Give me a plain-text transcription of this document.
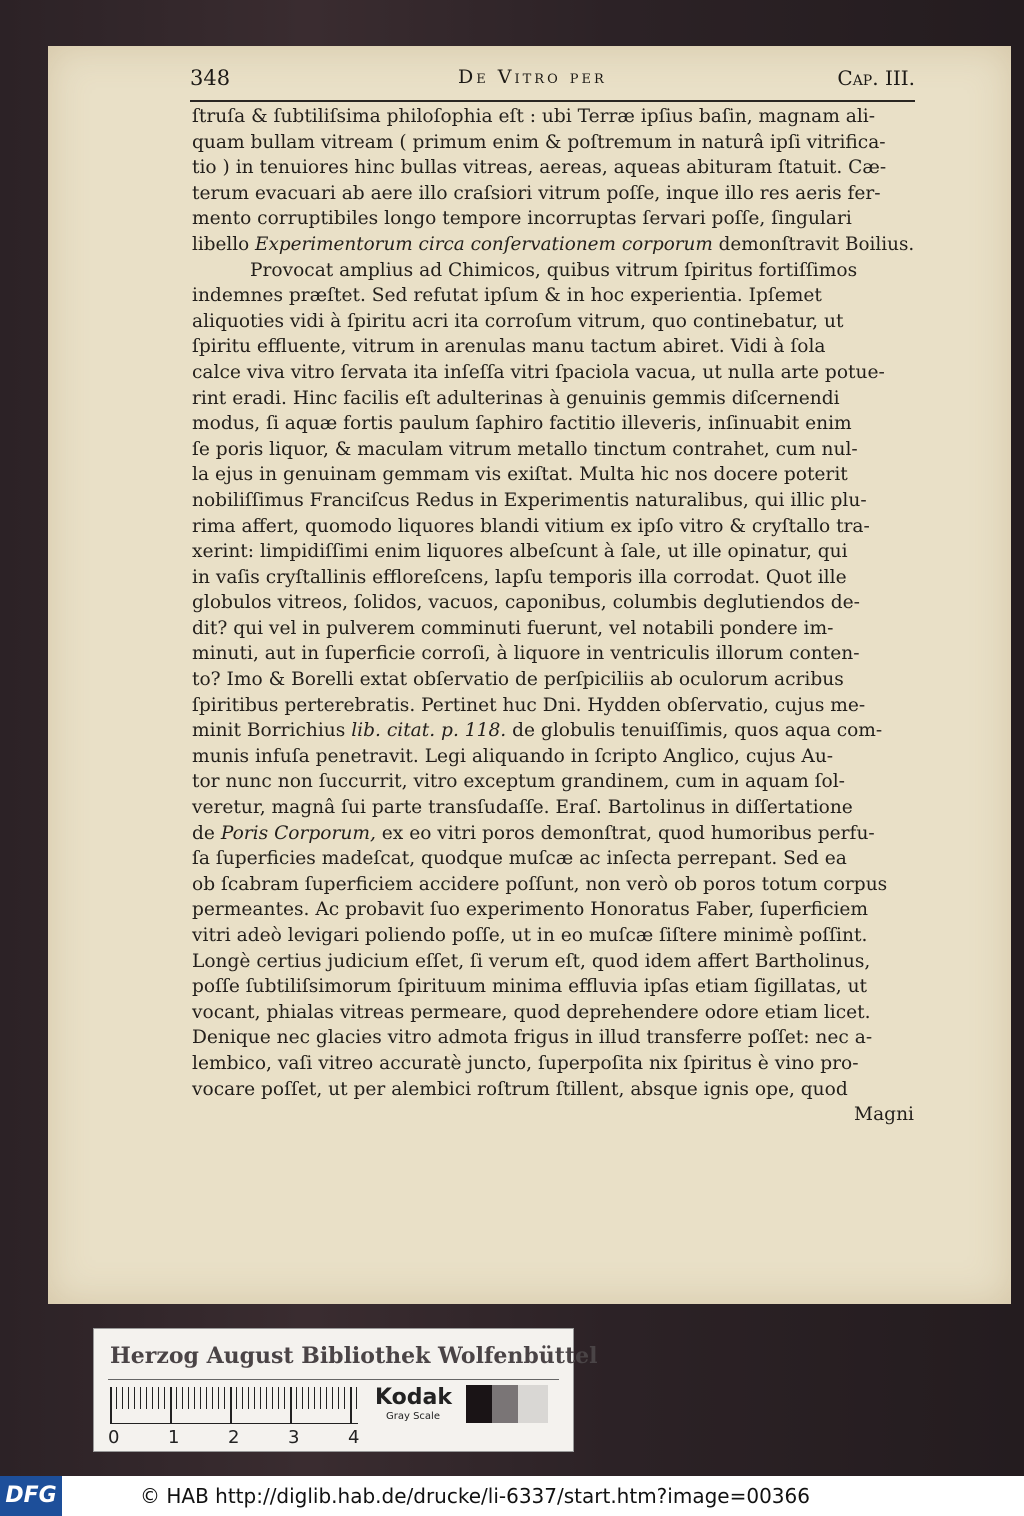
348	De Vitro per	Cap. III.
ſtruſa & ſubtiliſsima philoſophia eſt : ubi Terræ ipſius baſin, magnam ali-
quam bullam vitream ( primum enim & poſtremum in naturâ ipſi vitrifica-
tio ) in tenuiores hinc bullas vitreas, aereas, aqueas abituram ſtatuit. Cæ-
terum evacuari ab aere illo craſsiori vitrum poſſe, inque illo res aeris fer-
mento corruptibiles longo tempore incorruptas ſervari poſſe, ſingulari
libello Experimentorum circa conſervationem corporum demonſtravit Boilius.
Provocat amplius ad Chimicos, quibus vitrum ſpiritus fortiſſimos
indemnes præſtet. Sed refutat ipſum & in hoc experientia. Ipſemet
aliquoties vidi à ſpiritu acri ita corroſum vitrum, quo continebatur, ut
ſpiritu effluente, vitrum in arenulas manu tactum abiret. Vidi à ſola
calce viva vitro ſervata ita inſeſſa vitri ſpaciola vacua, ut nulla arte potue-
rint eradi. Hinc facilis eſt adulterinas à genuinis gemmis diſcernendi
modus, ſi aquæ fortis paulum ſaphiro factitio illeveris, inſinuabit enim
ſe poris liquor, & maculam vitrum metallo tinctum contrahet, cum nul-
la ejus in genuinam gemmam vis exiſtat. Multa hic nos docere poterit
nobiliſſimus Franciſcus Redus in Experimentis naturalibus, qui illic plu-
rima affert, quomodo liquores blandi vitium ex ipſo vitro & cryſtallo tra-
xerint: limpidiſſimi enim liquores albeſcunt à ſale, ut ille opinatur, qui
in vaſis cryſtallinis effloreſcens, lapſu temporis illa corrodat. Quot ille
globulos vitreos, ſolidos, vacuos, caponibus, columbis deglutiendos de-
dit? qui vel in pulverem comminuti fuerunt, vel notabili pondere im-
minuti, aut in ſuperficie corroſi, à liquore in ventriculis illorum conten-
to? Imo & Borelli extat obſervatio de perſpiciliis ab oculorum acribus
ſpiritibus perterebratis. Pertinet huc Dni. Hydden obſervatio, cujus me-
minit Borrichius lib. citat. p. 118. de globulis tenuiſſimis, quos aqua com-
munis infuſa penetravit. Legi aliquando in ſcripto Anglico, cujus Au-
tor nunc non ſuccurrit, vitro exceptum grandinem, cum in aquam ſol-
veretur, magnâ ſui parte transſudaſſe. Eraſ. Bartolinus in diſſertatione
de Poris Corporum, ex eo vitri poros demonſtrat, quod humoribus perfu-
ſa ſuperficies madeſcat, quodque muſcæ ac inſecta perrepant. Sed ea
ob ſcabram ſuperficiem accidere poſſunt, non verò ob poros totum corpus
permeantes. Ac probavit ſuo experimento Honoratus Faber, ſuperficiem
vitri adeò levigari poliendo poſſe, ut in eo muſcæ ſiſtere minimè poſſint.
Longè certius judicium eſſet, ſi verum eſt, quod idem affert Bartholinus,
poſſe ſubtiliſsimorum ſpirituum minima effluvia ipſas etiam ſigillatas, ut
vocant, phialas vitreas permeare, quod deprehendere odore etiam licet.
Denique nec glacies vitro admota frigus in illud transferre poſſet: nec a-
lembico, vaſi vitreo accuratè juncto, ſuperpoſita nix ſpiritus è vino pro-
vocare poſſet, ut per alembici roſtrum ſtillent, absque ignis ope, quod
Magni
Herzog August Bibliothek Wolfenbüttel
0	1	2	3	4
Kodak
Gray Scale
DFG	© HAB http://diglib.hab.de/drucke/li-6337/start.htm?image=00366
